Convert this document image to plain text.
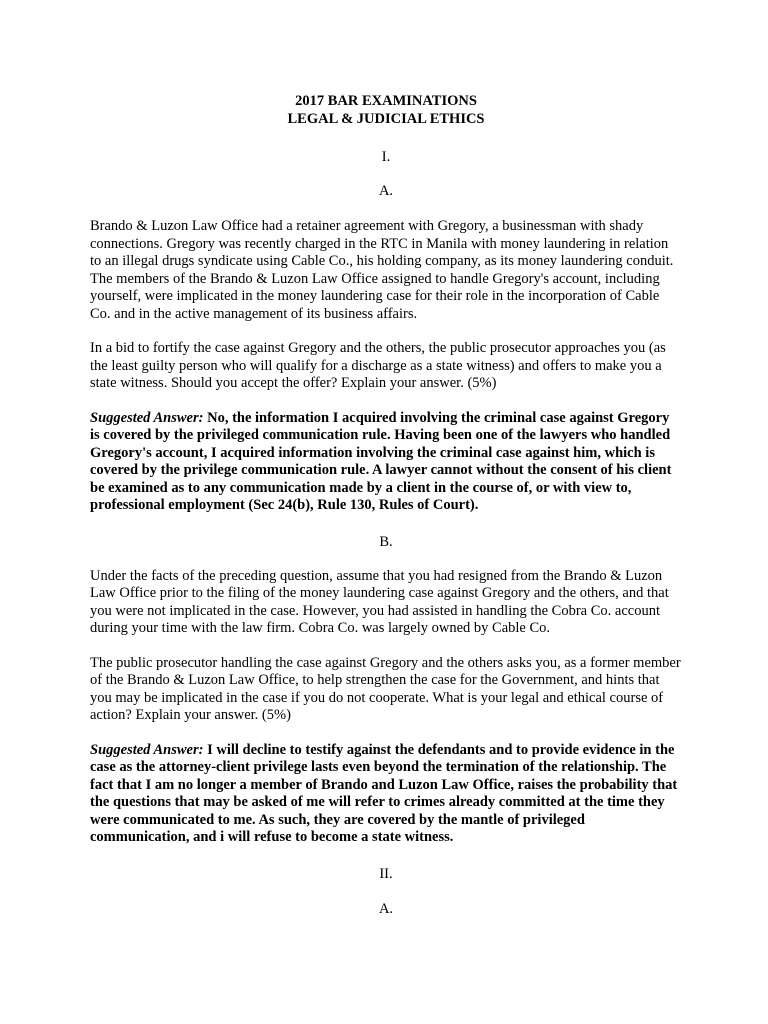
2017 BAR EXAMINATIONS
LEGAL & JUDICIAL ETHICS
I.
A.

Brando & Luzon Law Office had a retainer agreement with Gregory, a businessman with shady connections. Gregory was recently charged in the RTC in Manila with money laundering in relation to an illegal drugs syndicate using Cable Co., his holding company, as its money laundering conduit. The members of the Brando & Luzon Law Office assigned to handle Gregory's account, including yourself, were implicated in the money laundering case for their role in the incorporation of Cable Co. and in the active management of its business affairs.

In a bid to fortify the case against Gregory and the others, the public prosecutor approaches you (as the least guilty person who will qualify for a discharge as a state witness) and offers to make you a state witness. Should you accept the offer? Explain your answer. (5%)

Suggested Answer: No, the information I acquired involving the criminal case against Gregory is covered by the privileged communication rule. Having been one of the lawyers who handled Gregory's account, I acquired information involving the criminal case against him, which is covered by the privilege communication rule. A lawyer cannot without the consent of his client be examined as to any communication made by a client in the course of, or with view to, professional employment (Sec 24(b), Rule 130, Rules of Court).

B.

Under the facts of the preceding question, assume that you had resigned from the Brando & Luzon Law Office prior to the filing of the money laundering case against Gregory and the others, and that you were not implicated in the case. However, you had assisted in handling the Cobra Co. account during your time with the law firm. Cobra Co. was largely owned by Cable Co.

The public prosecutor handling the case against Gregory and the others asks you, as a former member of the Brando & Luzon Law Office, to help strengthen the case for the Government, and hints that you may be implicated in the case if you do not cooperate. What is your legal and ethical course of action? Explain your answer. (5%)

Suggested Answer: I will decline to testify against the defendants and to provide evidence in the case as the attorney-client privilege lasts even beyond the termination of the relationship. The fact that I am no longer a member of Brando and Luzon Law Office, raises the probability that the questions that may be asked of me will refer to crimes already committed at the time they were communicated to me. As such, they are covered by the mantle of privileged communication, and i will refuse to become a state witness.

II.
A.
